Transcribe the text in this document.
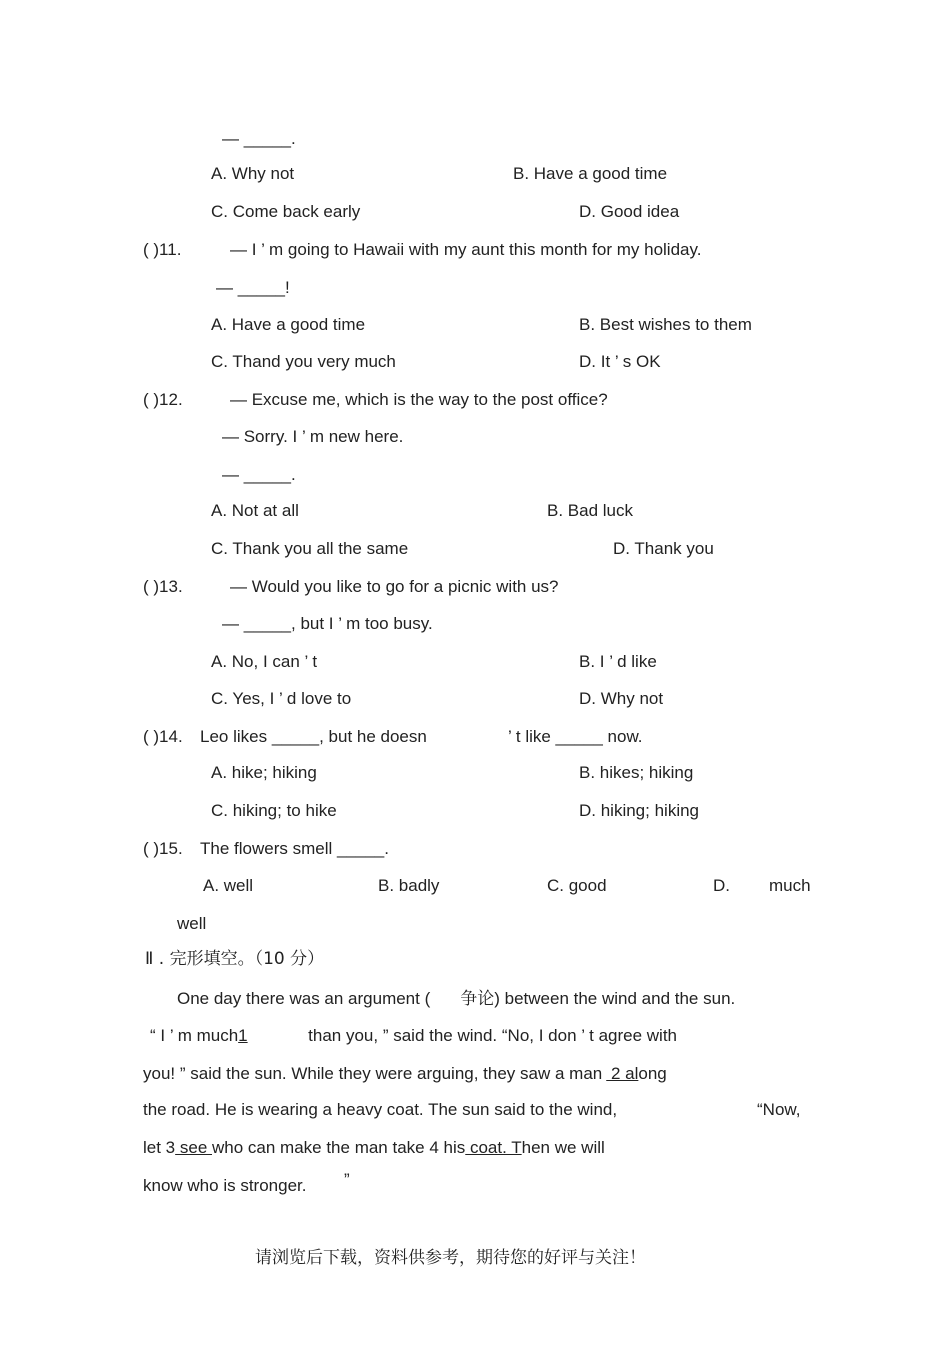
— _____.
A. Why not	B. Have a good time
C. Come back early	D. Good idea
( )11.	— I ’ m going to Hawaii with my aunt this month for my holiday.
— _____!
A. Have a good time	B. Best wishes to them
C. Thand you very much	D. It ’ s OK
( )12.	— Excuse me, which is the way to the post office?
— Sorry. I ’ m new here.
— _____.
A. Not at all	B. Bad luck
C. Thank you all the same	D. Thank you
( )13.	— Would you like to go for a picnic with us?
— _____, but I ’ m too busy.
A. No, I can ’ t	B. I ’ d like
C. Yes, I ’ d love to	D. Why not
( )14. Leo likes _____, but he doesn	’ t like _____ now.
A. hike; hiking	B. hikes; hiking
C. hiking; to hike	D. hiking; hiking
( )15. The flowers smell _____.
A. well	B. badly	C. good	D. much
well
Ⅱ . 完形填空。（10 分）
One day there was an argument ( 争论) between the wind and the sun.
“ I ’ m much1	than you, ” said the wind. “No, I don ’ t agree with
you! ” said the sun. While they were arguing, they saw a man 2 along
the road. He is wearing a heavy coat. The sun said to the wind,	“Now,
let 3 see who can make the man take 4 his coat. Then we will
know who is stronger. ”
请浏览后下载，资料供参考，期待您的好评与关注！
